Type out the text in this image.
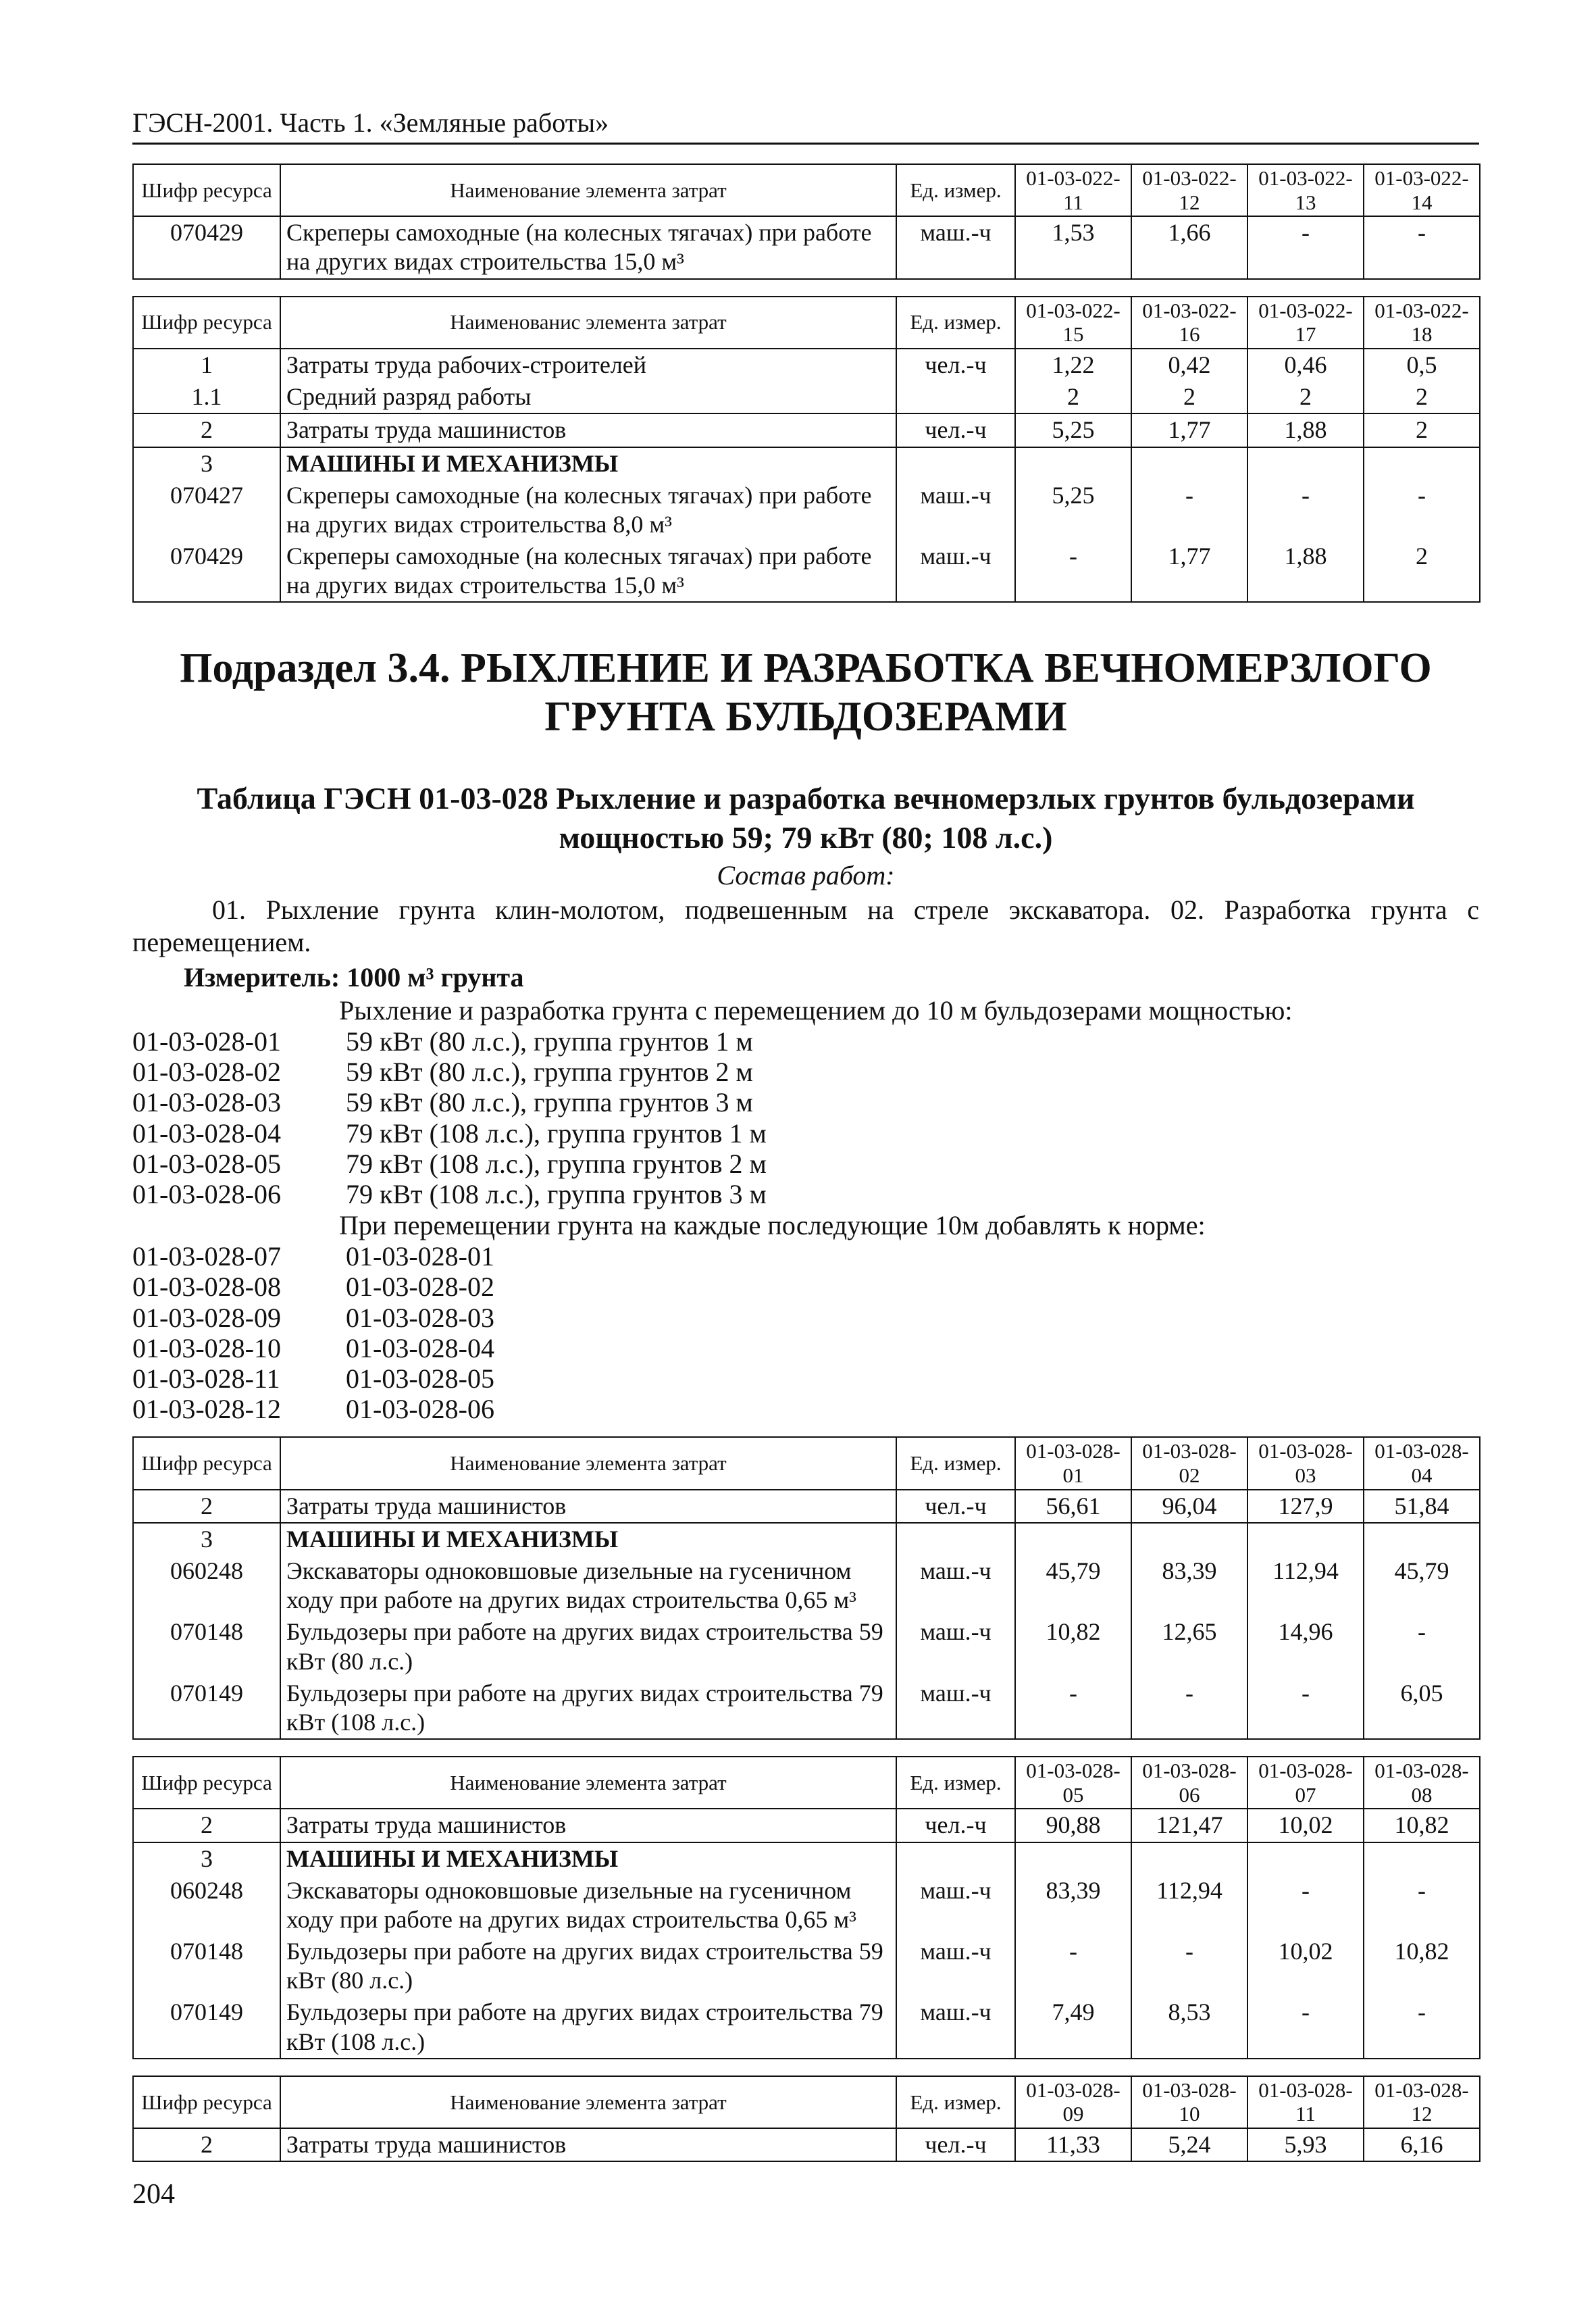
ГЭСН-2001. Часть 1. «Земляные работы»
Шифр ресурса	Наименование элемента затрат	Ед. измер.	01-03-022-11	01-03-022-12	01-03-022-13	01-03-022-14
070429	Скреперы самоходные (на колесных тягачах) при работе на других видах строительства 15,0 м³	маш.-ч	1,53	1,66	-	-
Шифр ресурса	Наименованис элемента затрат	Ед. измер.	01-03-022-15	01-03-022-16	01-03-022-17	01-03-022-18
1	Затраты труда рабочих-строителей	чел.-ч	1,22	0,42	0,46	0,5
1.1	Средний разряд работы		2	2	2	2
2	Затраты труда машинистов	чел.-ч	5,25	1,77	1,88	2
3	МАШИНЫ И МЕХАНИЗМЫ					
070427	Скреперы самоходные (на колесных тягачах) при работе на других видах строительства 8,0 м³	маш.-ч	5,25	-	-	-
070429	Скреперы самоходные (на колесных тягачах) при работе на других видах строительства 15,0 м³	маш.-ч	-	1,77	1,88	2
Подраздел 3.4. РЫХЛЕНИЕ И РАЗРАБОТКА ВЕЧНОМЕРЗЛОГО
ГРУНТА БУЛЬДОЗЕРАМИ
Таблица ГЭСН 01-03-028 Рыхление и разработка вечномерзлых грунтов бульдозерами
мощностью 59; 79 кВт (80; 108 л.с.)
Состав работ:
01. Рыхление грунта клин-молотом, подвешенным на стреле экскаватора. 02. Разработка грунта с перемещением.
Измеритель: 1000 м³ грунта
Рыхление и разработка грунта с перемещением до 10 м бульдозерами мощностью:
01-03-028-01	59 кВт (80 л.с.), группа грунтов 1 м
01-03-028-02	59 кВт (80 л.с.), группа грунтов 2 м
01-03-028-03	59 кВт (80 л.с.), группа грунтов 3 м
01-03-028-04	79 кВт (108 л.с.), группа грунтов 1 м
01-03-028-05	79 кВт (108 л.с.), группа грунтов 2 м
01-03-028-06	79 кВт (108 л.с.), группа грунтов 3 м
При перемещении грунта на каждые последующие 10м добавлять к норме:
01-03-028-07	01-03-028-01
01-03-028-08	01-03-028-02
01-03-028-09	01-03-028-03
01-03-028-10	01-03-028-04
01-03-028-11	01-03-028-05
01-03-028-12	01-03-028-06
Шифр ресурса	Наименование элемента затрат	Ед. измер.	01-03-028-01	01-03-028-02	01-03-028-03	01-03-028-04
2	Затраты труда машинистов	чел.-ч	56,61	96,04	127,9	51,84
3	МАШИНЫ И МЕХАНИЗМЫ					
060248	Экскаваторы одноковшовые дизельные на гусеничном ходу при работе на других видах строительства 0,65 м³	маш.-ч	45,79	83,39	112,94	45,79
070148	Бульдозеры при работе на других видах строительства 59 кВт (80 л.с.)	маш.-ч	10,82	12,65	14,96	-
070149	Бульдозеры при работе на других видах строительства 79 кВт (108 л.с.)	маш.-ч	-	-	-	6,05
Шифр ресурса	Наименование элемента затрат	Ед. измер.	01-03-028-05	01-03-028-06	01-03-028-07	01-03-028-08
2	Затраты труда машинистов	чел.-ч	90,88	121,47	10,02	10,82
3	МАШИНЫ И МЕХАНИЗМЫ					
060248	Экскаваторы одноковшовые дизельные на гусеничном ходу при работе на других видах строительства 0,65 м³	маш.-ч	83,39	112,94	-	-
070148	Бульдозеры при работе на других видах строительства 59 кВт (80 л.с.)	маш.-ч	-	-	10,02	10,82
070149	Бульдозеры при работе на других видах строительства 79 кВт (108 л.с.)	маш.-ч	7,49	8,53	-	-
Шифр ресурса	Наименование элемента затрат	Ед. измер.	01-03-028-09	01-03-028-10	01-03-028-11	01-03-028-12
2	Затраты труда машинистов	чел.-ч	11,33	5,24	5,93	6,16
204
